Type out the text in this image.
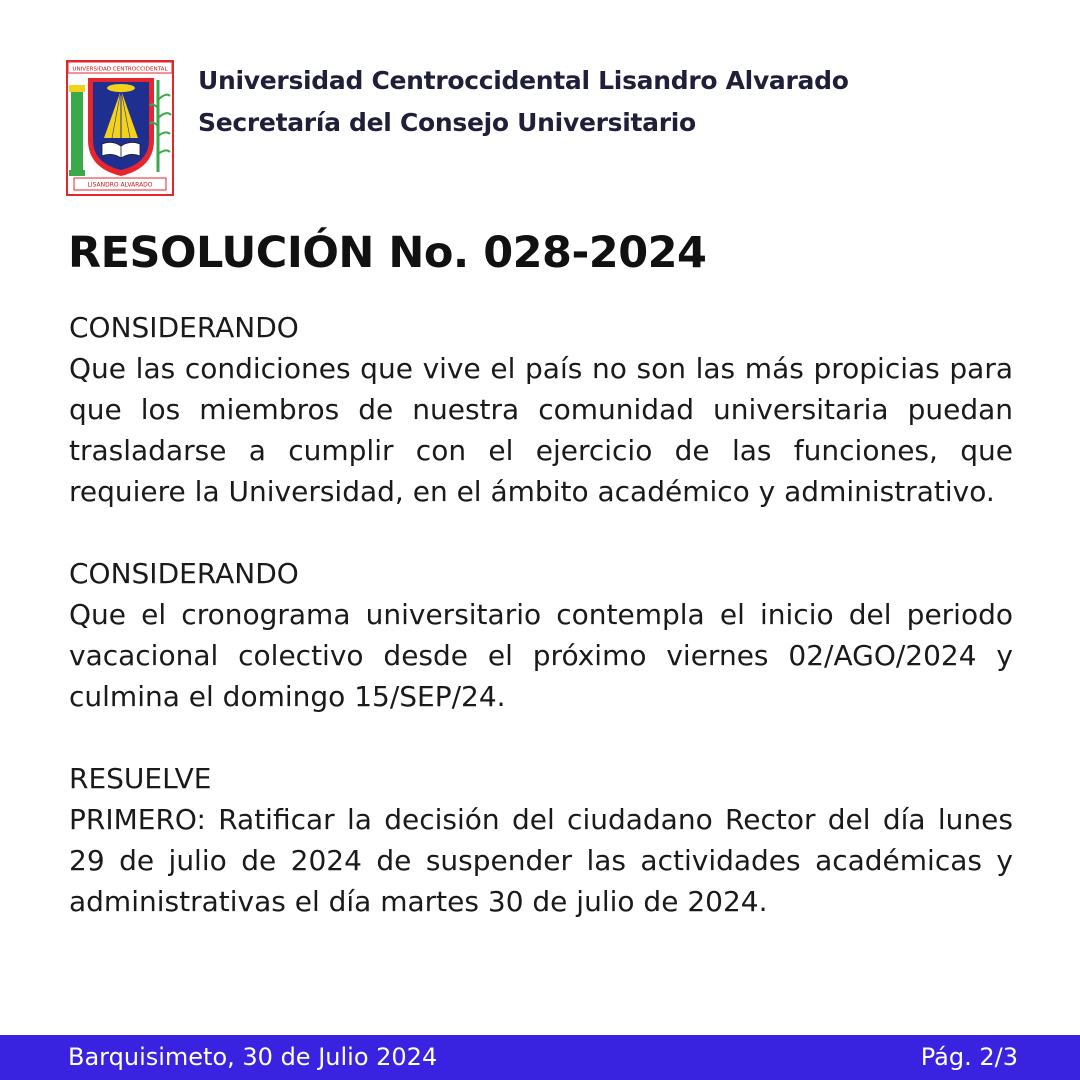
UNIVERSIDAD CENTROCCIDENTAL
LISANDRO ALVARADO
Universidad Centroccidental Lisandro Alvarado
Secretaría del Consejo Universitario
RESOLUCIÓN No. 028-2024
CONSIDERANDO
Que las condiciones que vive el país no son las más propicias para que los miembros de nuestra comunidad universitaria puedan trasladarse a cumplir con el ejercicio de las funciones, que requiere la Universidad, en el ámbito académico y administrativo.
CONSIDERANDO
Que el cronograma universitario contempla el inicio del periodo vacacional colectivo desde el próximo viernes 02/AGO/2024 y culmina el domingo 15/SEP/24.
RESUELVE
PRIMERO: Ratificar la decisión del ciudadano Rector del día lunes 29 de julio de 2024 de suspender las actividades académicas y administrativas el día martes 30 de julio de 2024.
Barquisimeto, 30 de Julio 2024	Pág. 2/3
